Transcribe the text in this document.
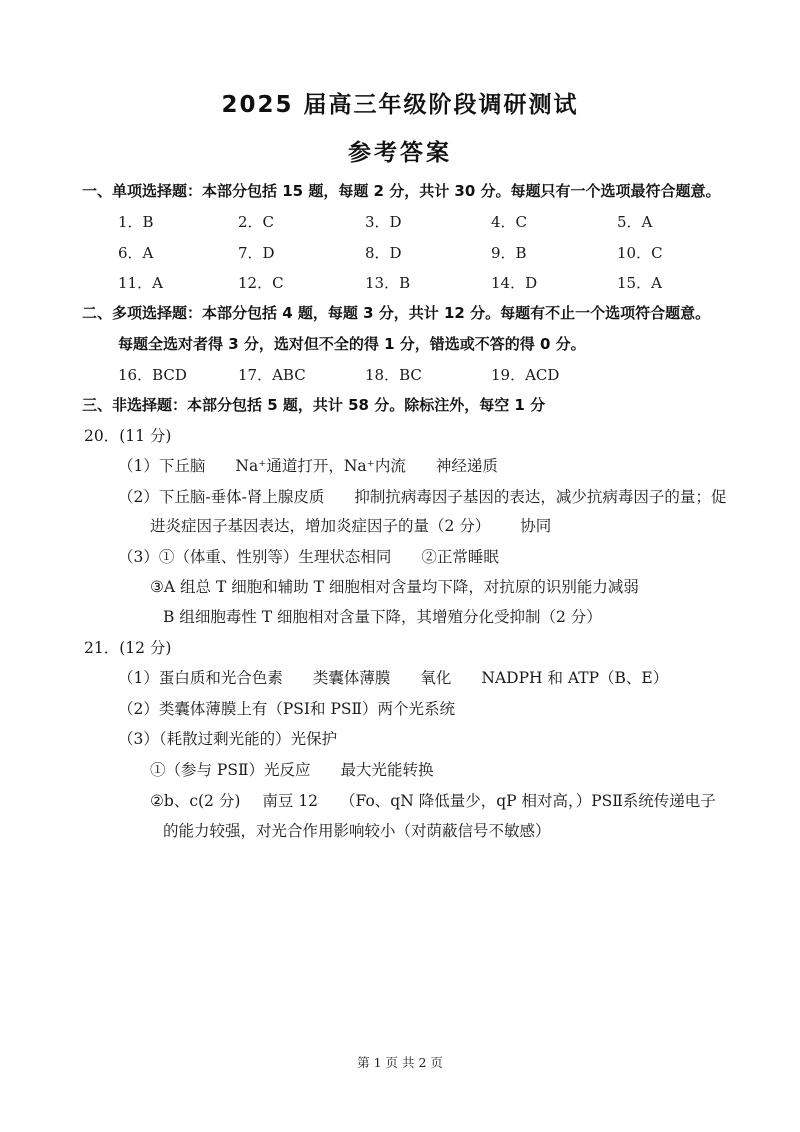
2025 届高三年级阶段调研测试
参考答案
一、单项选择题：本部分包括 15 题，每题 2 分，共计 30 分。每题只有一个选项最符合题意。
1．B	2．C	3．D	4．C	5．A
6．A	7．D	8．D	9．B	10．C
11．A	12．C	13．B	14．D	15．A
二、多项选择题：本部分包括 4 题，每题 3 分，共计 12 分。每题有不止一个选项符合题意。
每题全选对者得 3 分，选对但不全的得 1 分，错选或不答的得 0 分。
16．BCD	17．ABC	18．BC	19．ACD
三、非选择题：本部分包括 5 题，共计 58 分。除标注外，每空 1 分
20．(11 分)
（1）下丘脑 Na⁺通道打开，Na⁺内流 神经递质
（2）下丘脑-垂体-肾上腺皮质 抑制抗病毒因子基因的表达，减少抗病毒因子的量；促
进炎症因子基因表达，增加炎症因子的量（2 分） 协同
（3）①（体重、性别等）生理状态相同 ②正常睡眠
③A 组总 T 细胞和辅助 T 细胞相对含量均下降，对抗原的识别能力减弱
B 组细胞毒性 T 细胞相对含量下降，其增殖分化受抑制（2 分）
21．(12 分)
（1）蛋白质和光合色素 类囊体薄膜 氧化 NADPH 和 ATP（B、E）
（2）类囊体薄膜上有（PSⅠ和 PSⅡ）两个光系统
（3）（耗散过剩光能的）光保护
①（参与 PSⅡ）光反应 最大光能转换
②b、c(2 分) 南豆 12 （Fo、qN 降低量少，qP 相对高，）PSⅡ系统传递电子
的能力较强，对光合作用影响较小（对荫蔽信号不敏感）
第 1 页 共 2 页
